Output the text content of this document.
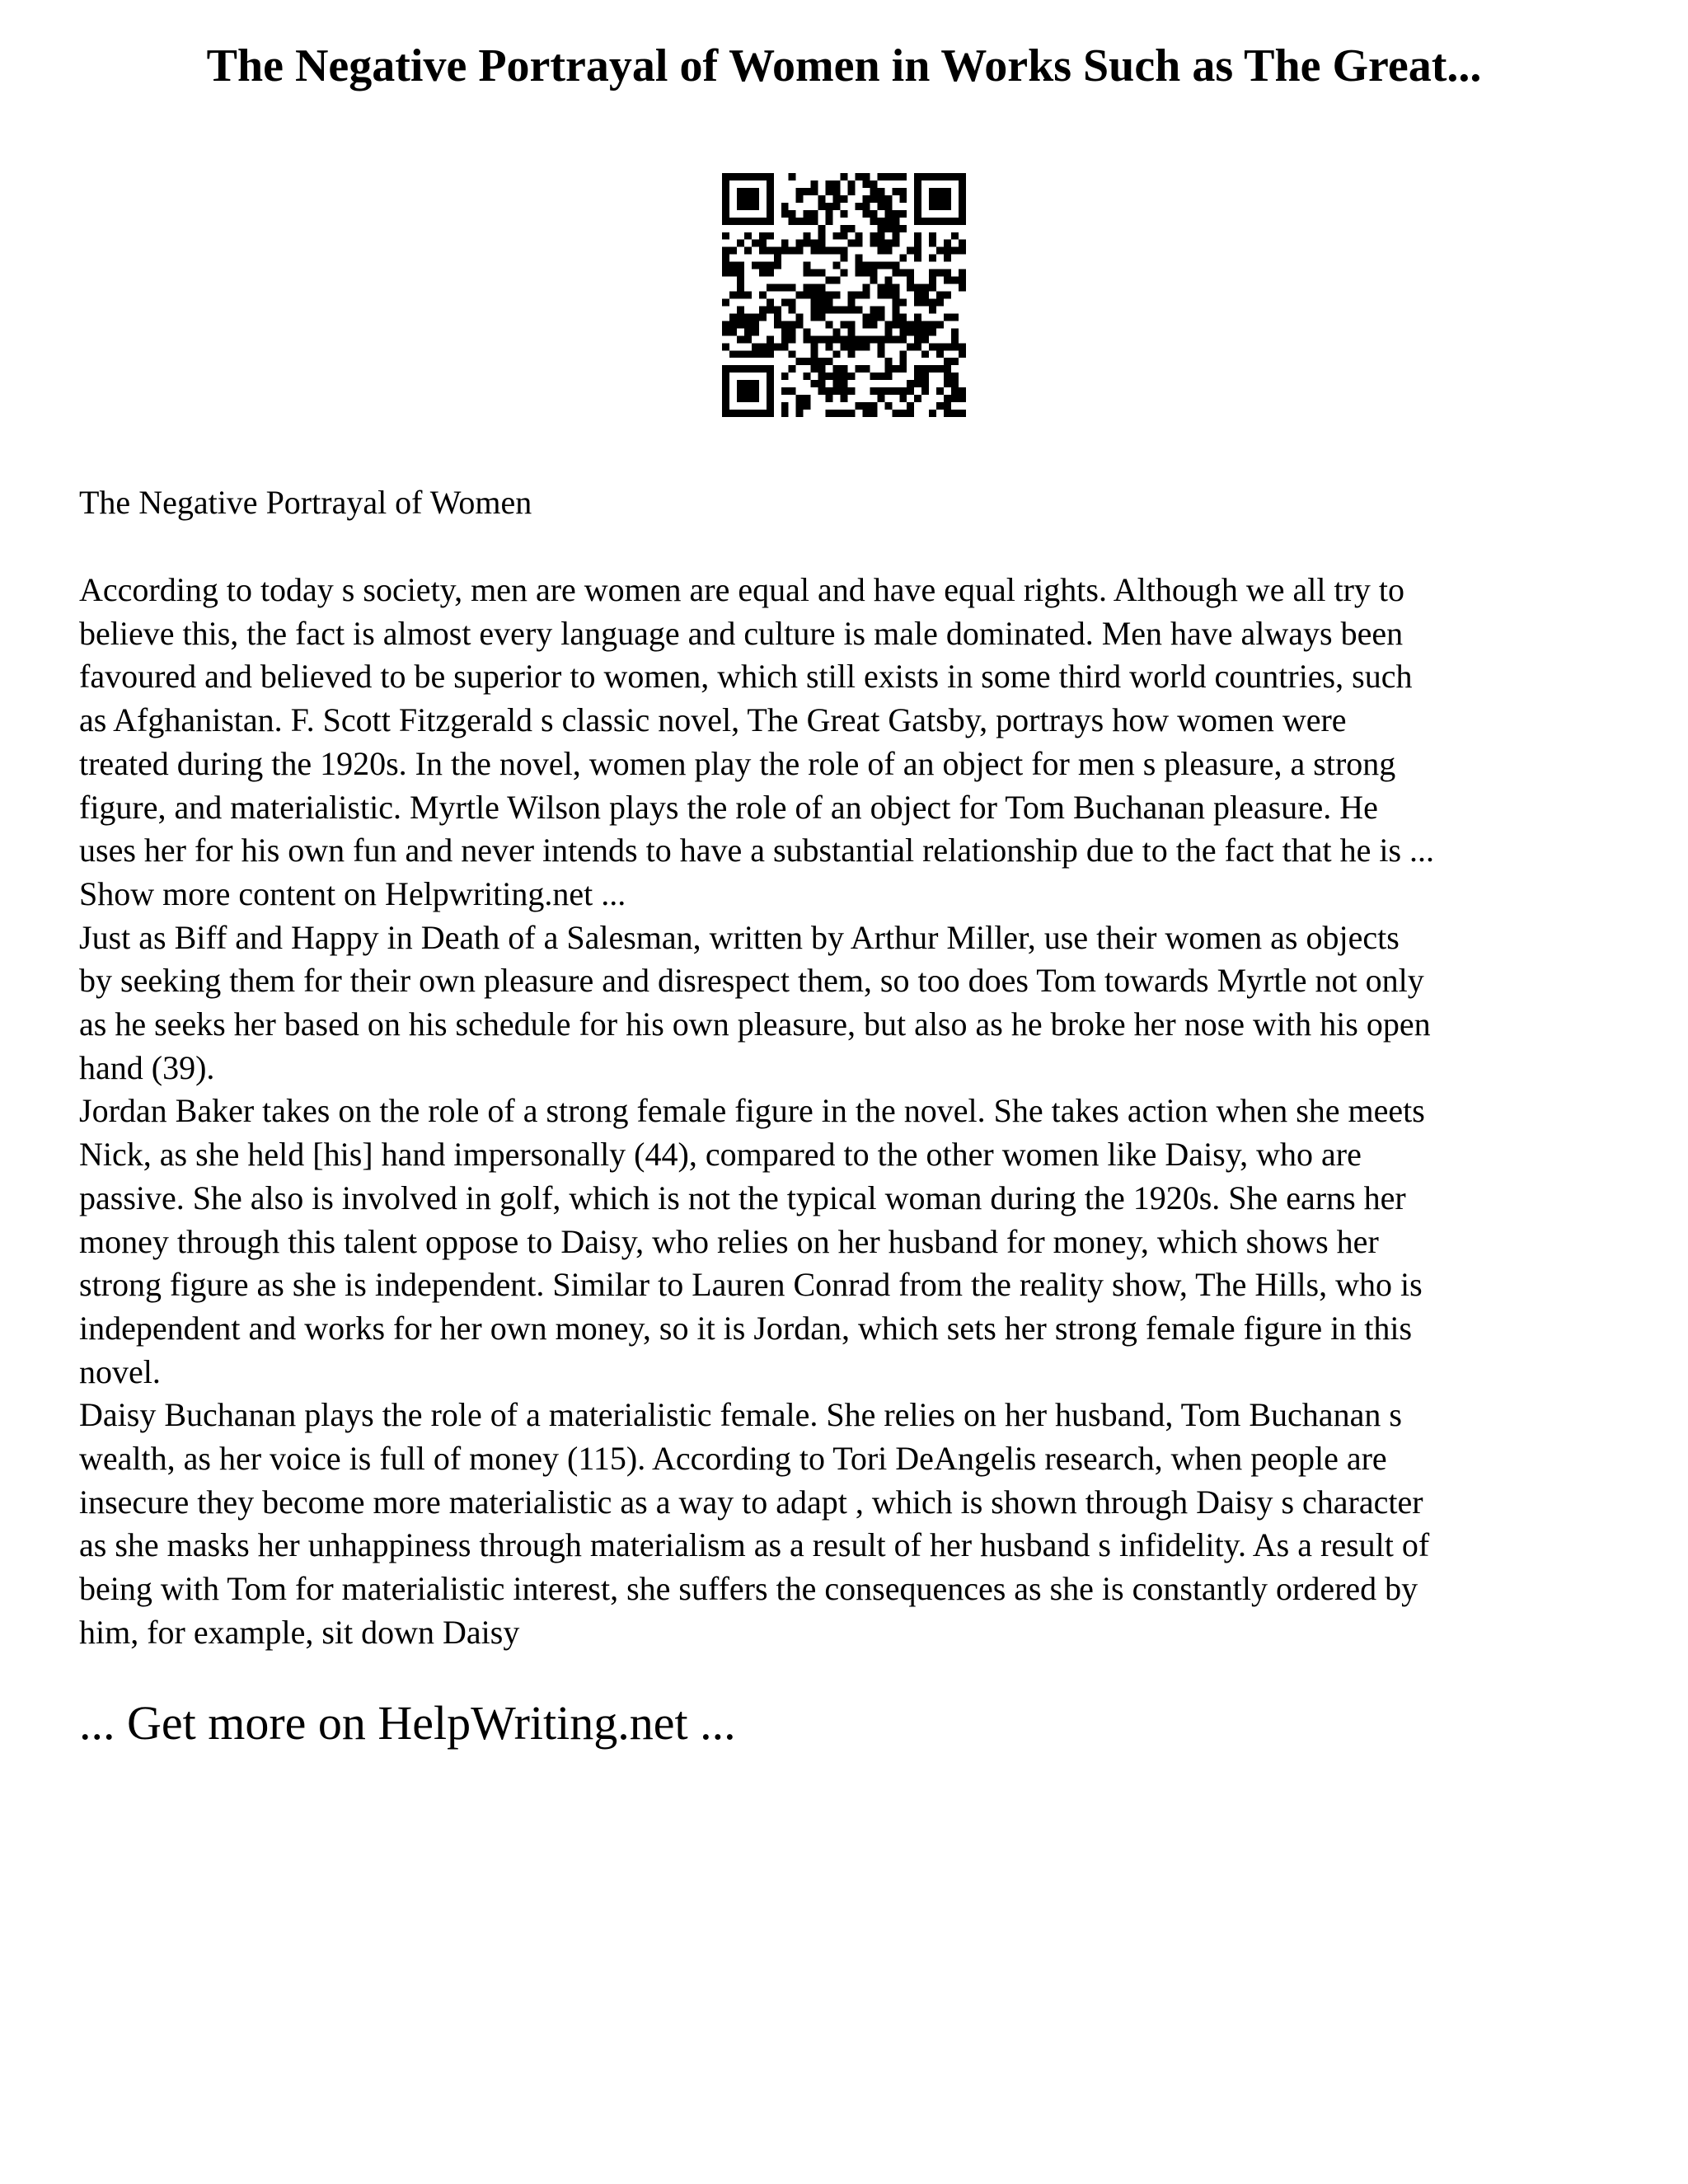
The Negative Portrayal of Women in Works Such as The Great...

The Negative Portrayal of Women

According to today s society, men are women are equal and have equal rights. Although we all try to
believe this, the fact is almost every language and culture is male dominated. Men have always been
favoured and believed to be superior to women, which still exists in some third world countries, such
as Afghanistan. F. Scott Fitzgerald s classic novel, The Great Gatsby, portrays how women were
treated during the 1920s. In the novel, women play the role of an object for men s pleasure, a strong
figure, and materialistic. Myrtle Wilson plays the role of an object for Tom Buchanan pleasure. He
uses her for his own fun and never intends to have a substantial relationship due to the fact that he is ...
Show more content on Helpwriting.net ...
Just as Biff and Happy in Death of a Salesman, written by Arthur Miller, use their women as objects
by seeking them for their own pleasure and disrespect them, so too does Tom towards Myrtle not only
as he seeks her based on his schedule for his own pleasure, but also as he broke her nose with his open
hand (39).
Jordan Baker takes on the role of a strong female figure in the novel. She takes action when she meets
Nick, as she held [his] hand impersonally (44), compared to the other women like Daisy, who are
passive. She also is involved in golf, which is not the typical woman during the 1920s. She earns her
money through this talent oppose to Daisy, who relies on her husband for money, which shows her
strong figure as she is independent. Similar to Lauren Conrad from the reality show, The Hills, who is
independent and works for her own money, so it is Jordan, which sets her strong female figure in this
novel.
Daisy Buchanan plays the role of a materialistic female. She relies on her husband, Tom Buchanan s
wealth, as her voice is full of money (115). According to Tori DeAngelis research, when people are
insecure they become more materialistic as a way to adapt , which is shown through Daisy s character
as she masks her unhappiness through materialism as a result of her husband s infidelity. As a result of
being with Tom for materialistic interest, she suffers the consequences as she is constantly ordered by
him, for example, sit down Daisy

... Get more on HelpWriting.net ...
